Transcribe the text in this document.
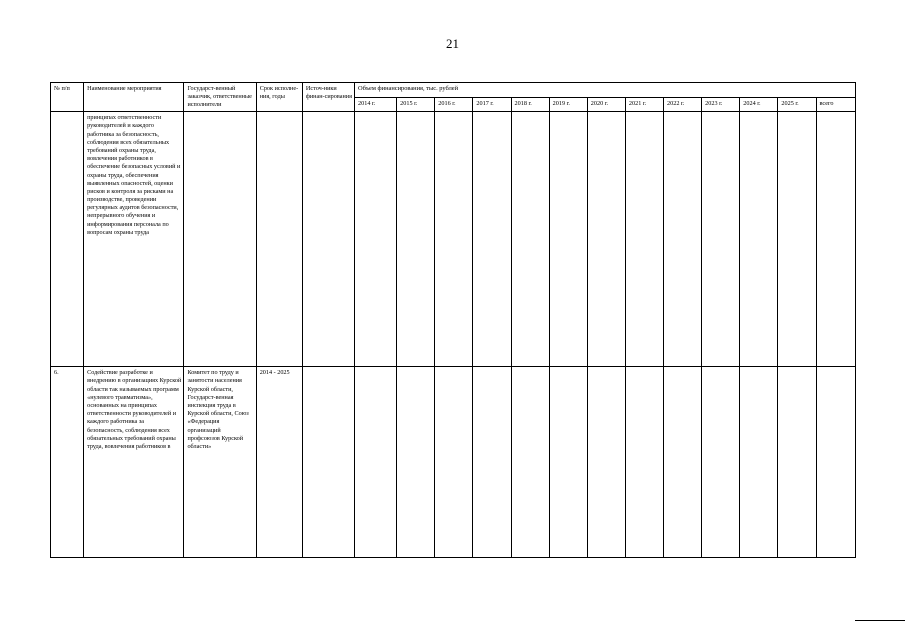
21
№ п/п	Наименование мероприятия	Государст-венный заказчик, ответственные исполнители	Срок исполне-ния, годы	Источ-ники финан-сирования	Объем финансирования, тыс. рублей												
					2014 г.	2015 г.	2016 г.	2017 г.	2018 г.	2019 г.	2020 г.	2021 г.	2022 г.	2023 г.	2024 г.	2025 г.	всего
	принципах ответственности руководителей и каждого работника за безопасность, соблюдения всех обязательных требований охраны труда, вовлечения работников в обеспечение безопасных условий и охраны труда, обеспечения выявленных опасностей, оценки рисков и контроля за рисками на производстве, проведении регулярных аудитов безопасности, непрерывного обучения и информирования персонала по вопросам охраны труда																
6.	Содействие разработке и внедрению в организациях Курской области так называемых программ «нулевого травматизма», основанных на принципах ответственности руководителей и каждого работника за безопасность, соблюдения всех обязательных требований охраны труда, вовлечения работников в	Комитет по труду и занятости населения Курской области, Государст-венная инспекция труда в Курской области, Союз «Федерация организаций профсоюзов Курской области»	2014 - 2025														
